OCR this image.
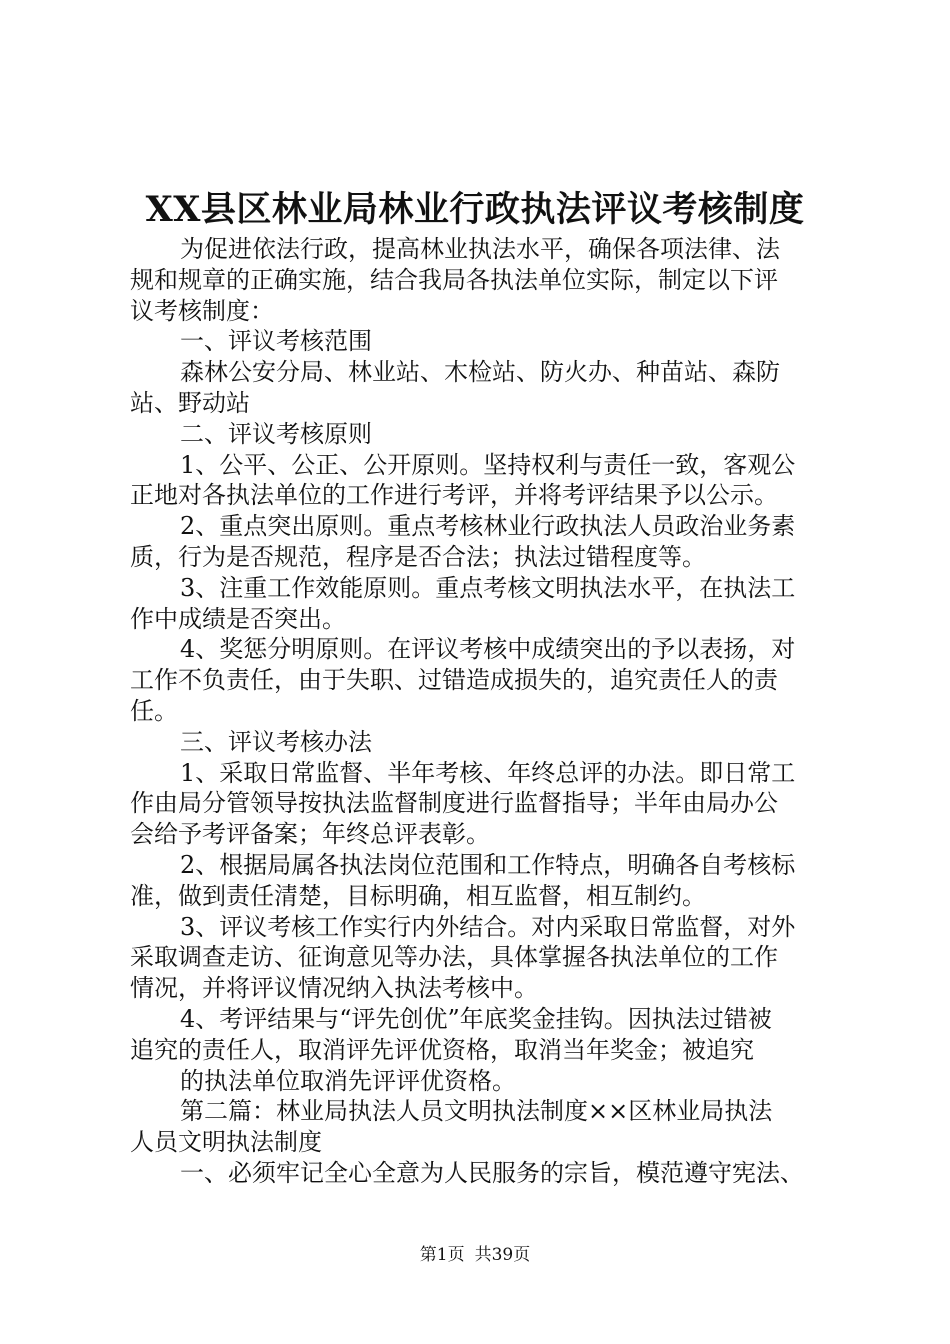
XX县区林业局林业行政执法评议考核制度
为促进依法行政，提高林业执法水平，确保各项法律、法
规和规章的正确实施，结合我局各执法单位实际，制定以下评
议考核制度：
一、评议考核范围
森林公安分局、林业站、木检站、防火办、种苗站、森防
站、野动站
二、评议考核原则
1、公平、公正、公开原则。坚持权利与责任一致，客观公
正地对各执法单位的工作进行考评，并将考评结果予以公示。
2、重点突出原则。重点考核林业行政执法人员政治业务素
质，行为是否规范，程序是否合法；执法过错程度等。
3、注重工作效能原则。重点考核文明执法水平，在执法工
作中成绩是否突出。
4、奖惩分明原则。在评议考核中成绩突出的予以表扬，对
工作不负责任，由于失职、过错造成损失的，追究责任人的责
任。
三、评议考核办法
1、采取日常监督、半年考核、年终总评的办法。即日常工
作由局分管领导按执法监督制度进行监督指导；半年由局办公
会给予考评备案；年终总评表彰。
2、根据局属各执法岗位范围和工作特点，明确各自考核标
准，做到责任清楚，目标明确，相互监督，相互制约。
3、评议考核工作实行内外结合。对内采取日常监督，对外
采取调查走访、征询意见等办法，具体掌握各执法单位的工作
情况，并将评议情况纳入执法考核中。
4、考评结果与“评先创优”年底奖金挂钩。因执法过错被
追究的责任人，取消评先评优资格，取消当年奖金；被追究
的执法单位取消先评评优资格。
第二篇：林业局执法人员文明执法制度××区林业局执法
人员文明执法制度
一、必须牢记全心全意为人民服务的宗旨，模范遵守宪法、
第1页 共39页
